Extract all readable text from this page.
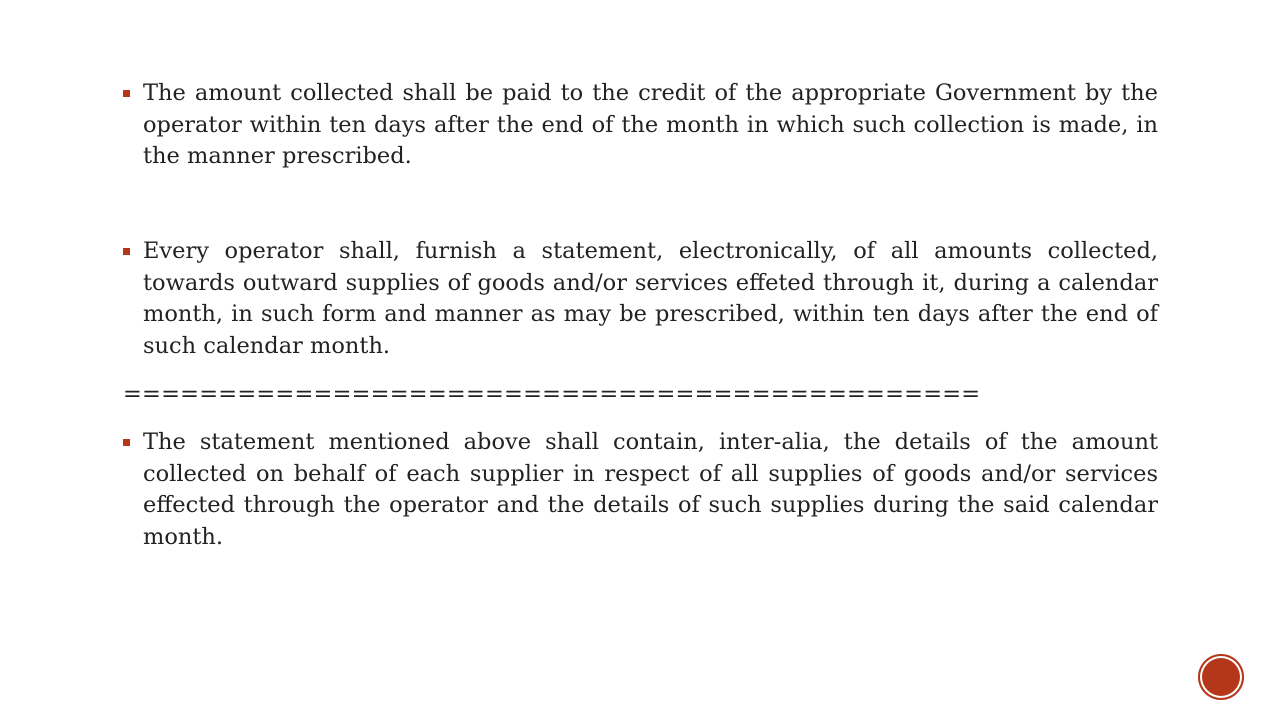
The amount collected shall be paid to the credit of the appropriate Government by the operator within ten days after the end of the month in which such collection is made, in the manner prescribed.
Every operator shall, furnish a statement, electronically, of all amounts collected, towards outward supplies of goods and/or services effeted through it, during a calendar month, in such form and manner as may be prescribed, within ten days after the end of such calendar month.
=============================================
The statement mentioned above shall contain, inter-alia, the details of the amount collected on behalf of each supplier in respect of all supplies of goods and/or services effected through the operator and the details of such supplies during the said calendar month.
